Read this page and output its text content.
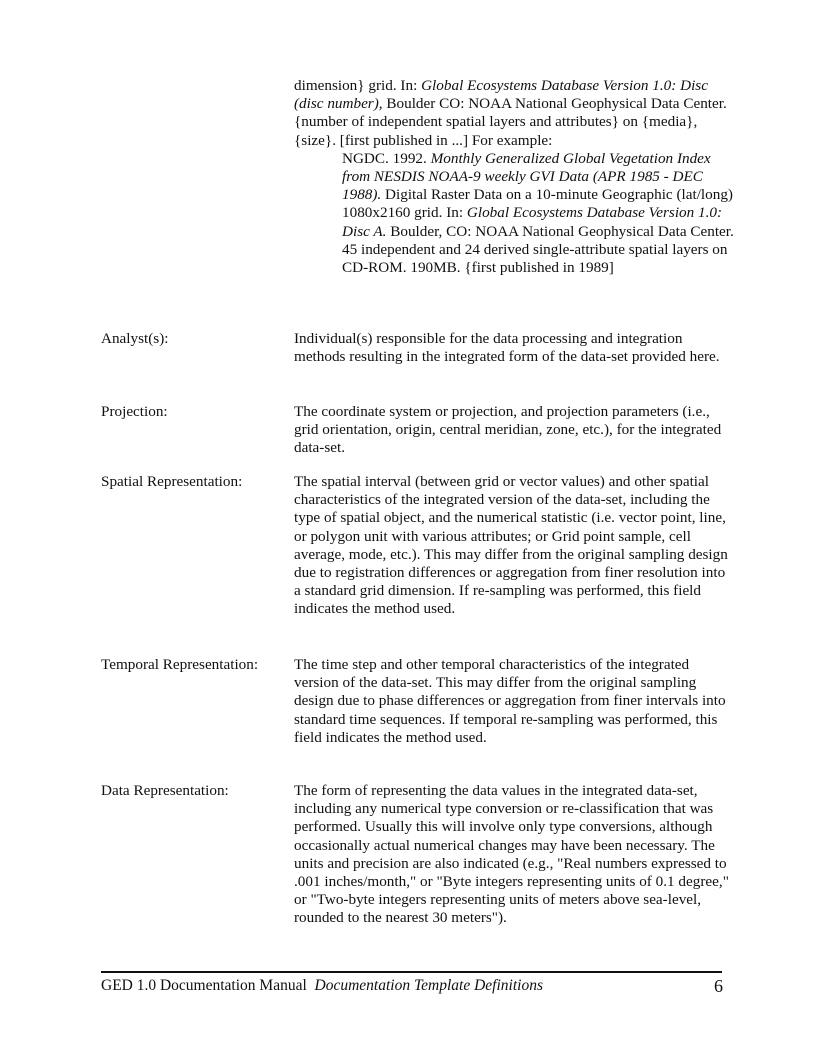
dimension} grid. In: Global Ecosystems Database Version 1.0: Disc (disc number), Boulder CO: NOAA National Geophysical Data Center. {number of independent spatial layers and attributes} on {media}, {size}. [first published in ...] For example:

NGDC. 1992. Monthly Generalized Global Vegetation Index from NESDIS NOAA-9 weekly GVI Data (APR 1985 - DEC 1988). Digital Raster Data on a 10-minute Geographic (lat/long) 1080x2160 grid. In: Global Ecosystems Database Version 1.0: Disc A. Boulder, CO: NOAA National Geophysical Data Center. 45 independent and 24 derived single-attribute spatial layers on CD-ROM. 190MB. {first published in 1989]

Analyst(s):	Individual(s) responsible for the data processing and integration methods resulting in the integrated form of the data-set provided here.

Projection:	The coordinate system or projection, and projection parameters (i.e., grid orientation, origin, central meridian, zone, etc.), for the integrated data-set.

Spatial Representation:	The spatial interval (between grid or vector values) and other spatial characteristics of the integrated version of the data-set, including the type of spatial object, and the numerical statistic (i.e. vector point, line, or polygon unit with various attributes; or Grid point sample, cell average, mode, etc.). This may differ from the original sampling design due to registration differences or aggregation from finer resolution into a standard grid dimension. If re-sampling was performed, this field indicates the method used.

Temporal Representation:	The time step and other temporal characteristics of the integrated version of the data-set. This may differ from the original sampling design due to phase differences or aggregation from finer intervals into standard time sequences. If temporal re-sampling was performed, this field indicates the method used.

Data Representation:	The form of representing the data values in the integrated data-set, including any numerical type conversion or re-classification that was performed. Usually this will involve only type conversions, although occasionally actual numerical changes may have been necessary. The units and precision are also indicated (e.g., "Real numbers expressed to .001 inches/month," or "Byte integers representing units of 0.1 degree," or "Two-byte integers representing units of meters above sea-level, rounded to the nearest 30 meters").

GED 1.0 Documentation Manual Documentation Template Definitions	6
